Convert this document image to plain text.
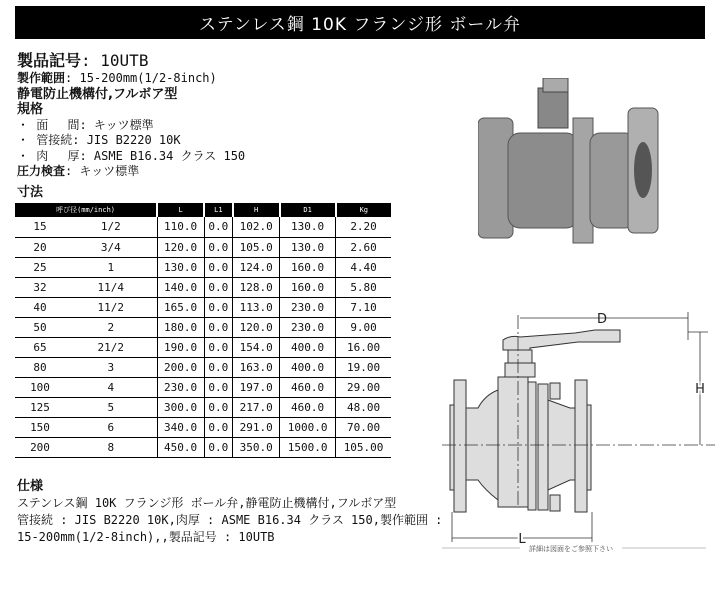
ステンレス鋼 10K フランジ形 ボール弁
製品記号: 10UTB
製作範囲: 15-200mm(1/2-8inch)
静電防止機構付,フルボア型
規格
・ 面　 間: キッツ標準
・ 管接続: JIS B2220 10K
・ 肉　 厚: ASME B16.34 クラス 150
圧力検査: キッツ標準
寸法
呼び径(mm/inch)		L	L1	H	D1	Kg
15	1/2	110.0	0.0	102.0	130.0	2.20
20	3/4	120.0	0.0	105.0	130.0	2.60
25	1	130.0	0.0	124.0	160.0	4.40
32	11/4	140.0	0.0	128.0	160.0	5.80
40	11/2	165.0	0.0	113.0	230.0	7.10
50	2	180.0	0.0	120.0	230.0	9.00
65	21/2	190.0	0.0	154.0	400.0	16.00
80	3	200.0	0.0	163.0	400.0	19.00
100	4	230.0	0.0	197.0	460.0	29.00
125	5	300.0	0.0	217.0	460.0	48.00
150	6	340.0	0.0	291.0	1000.0	70.00
200	8	450.0	0.0	350.0	1500.0	105.00
仕様
ステンレス鋼 10K フランジ形 ボール弁,静電防止機構付,フルボア型
管接続 : JIS B2220 10K,肉厚 : ASME B16.34 クラス 150,製作範囲 :
15-200mm(1/2-8inch),,製品記号 : 10UTB
D
H
L
詳細は図面をご参照下さい
